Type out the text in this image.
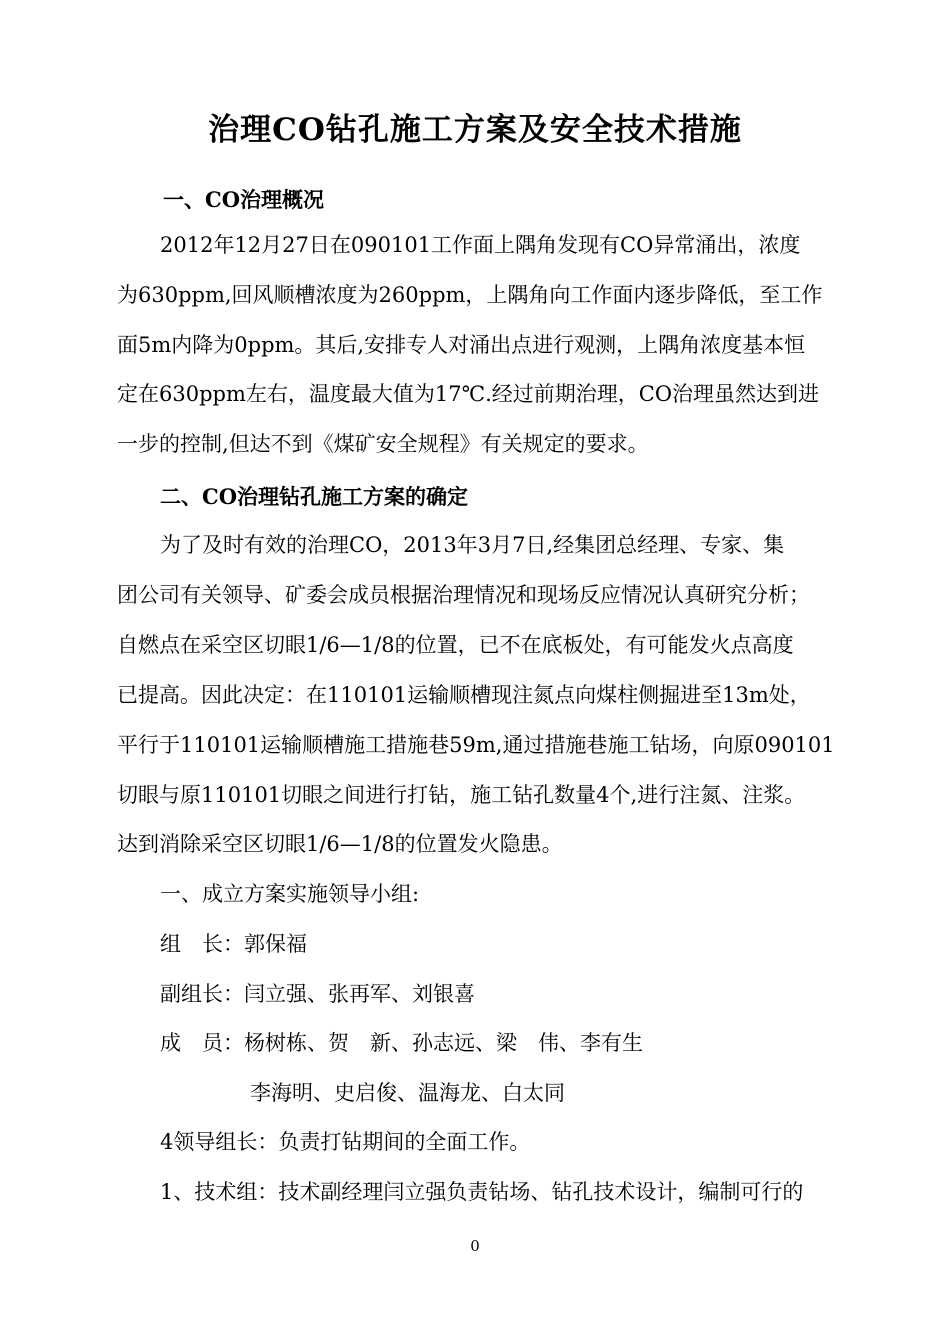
治理CO钻孔施工方案及安全技术措施
一、CO治理概况
2012年12月27日在090101工作面上隅角发现有CO异常涌出，浓度
为630ppm,回风顺槽浓度为260ppm，上隅角向工作面内逐步降低，至工作
面5m内降为0ppm。其后,安排专人对涌出点进行观测，上隅角浓度基本恒
定在630ppm左右，温度最大值为17℃.经过前期治理，CO治理虽然达到进
一步的控制,但达不到《煤矿安全规程》有关规定的要求。
二、CO治理钻孔施工方案的确定
为了及时有效的治理CO，2013年3月7日,经集团总经理、专家、集
团公司有关领导、矿委会成员根据治理情况和现场反应情况认真研究分析；
自燃点在采空区切眼1/6—1/8的位置，已不在底板处，有可能发火点高度
已提高。因此决定：在110101运输顺槽现注氮点向煤柱侧掘进至13m处，
平行于110101运输顺槽施工措施巷59m,通过措施巷施工钻场，向原090101
切眼与原110101切眼之间进行打钻，施工钻孔数量4个,进行注氮、注浆。
达到消除采空区切眼1/6—1/8的位置发火隐患。
一、成立方案实施领导小组:
组　长：郭保福
副组长：闫立强、张再军、刘银喜
成　员：杨树栋、贺　新、孙志远、梁　伟、李有生
李海明、史启俊、温海龙、白太同
4领导组长：负责打钻期间的全面工作。
1、技术组：技术副经理闫立强负责钻场、钻孔技术设计，编制可行的
0
